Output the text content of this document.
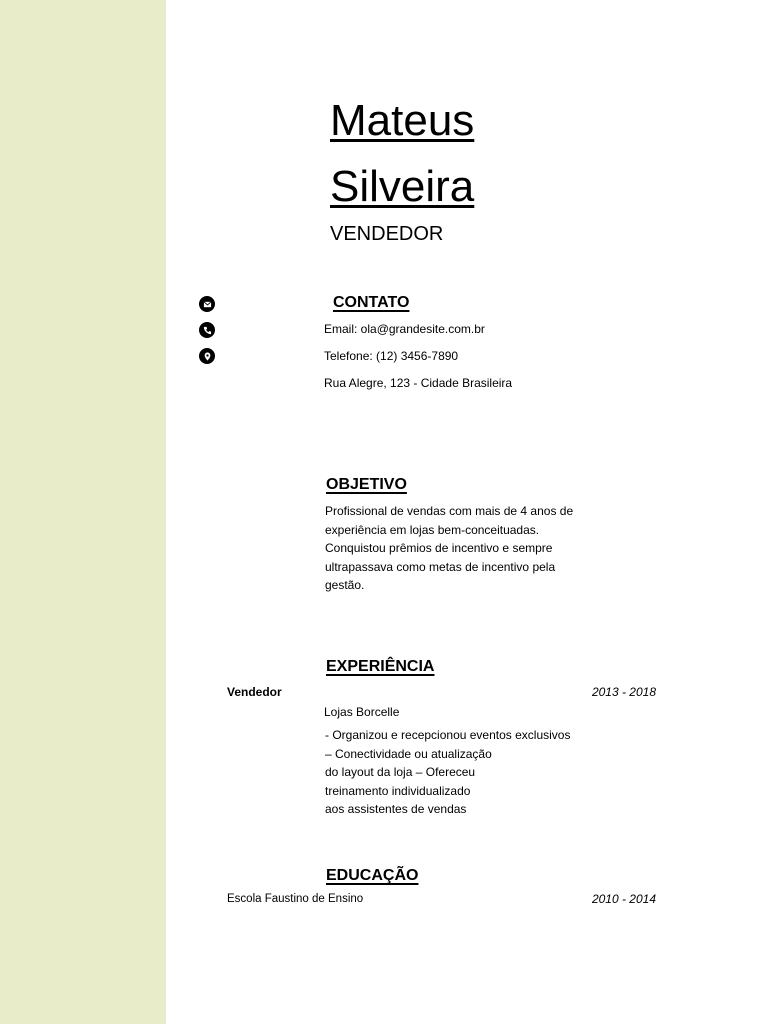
Mateus
Silveira
VENDEDOR
CONTATO
Email: ola@grandesite.com.br
Telefone: (12) 3456-7890
Rua Alegre, 123 - Cidade Brasileira
OBJETIVO
Profissional de vendas com mais de 4 anos de
experiência em lojas bem-conceituadas.
Conquistou prêmios de incentivo e sempre
ultrapassava como metas de incentivo pela
gestão.
EXPERIÊNCIA
Vendedor	2013 - 2018
Lojas Borcelle
- Organizou e recepcionou eventos exclusivos
– Conectividade ou atualização
do layout da loja – Ofereceu
treinamento individualizado
aos assistentes de vendas
EDUCAÇÃO
Escola Faustino de Ensino	2010 - 2014
